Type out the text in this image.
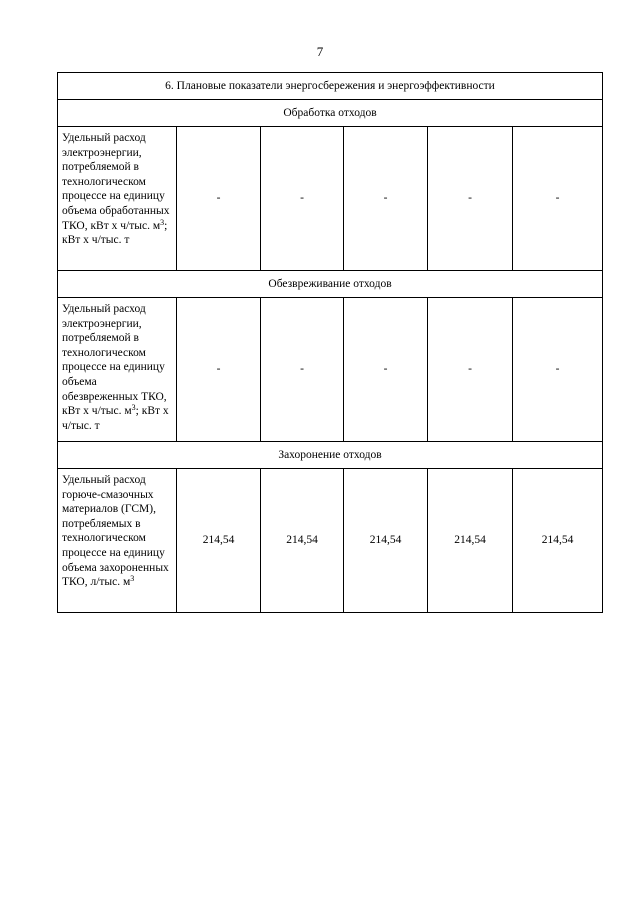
7
6. Плановые показатели энергосбережения и энергоэффективности					
Обработка отходов					
Удельный расход электроэнергии, потребляемой в технологическом процессе на единицу объема обработанных ТКО, кВт х ч/тыс. $м^3$; кВт х ч/тыс. т	-	-	-	-	-
Обезвреживание отходов					
Удельный расход электроэнергии, потребляемой в технологическом процессе на единицу объема обезвреженных ТКО, кВт х ч/тыс. $м^3$; кВт х ч/тыс. т	-	-	-	-	-
Захоронение отходов					
Удельный расход горюче-смазочных материалов (ГСМ), потребляемых в технологическом процессе на единицу объема захороненных ТКО, л/тыс. $м^3$	214,54	214,54	214,54	214,54	214,54
